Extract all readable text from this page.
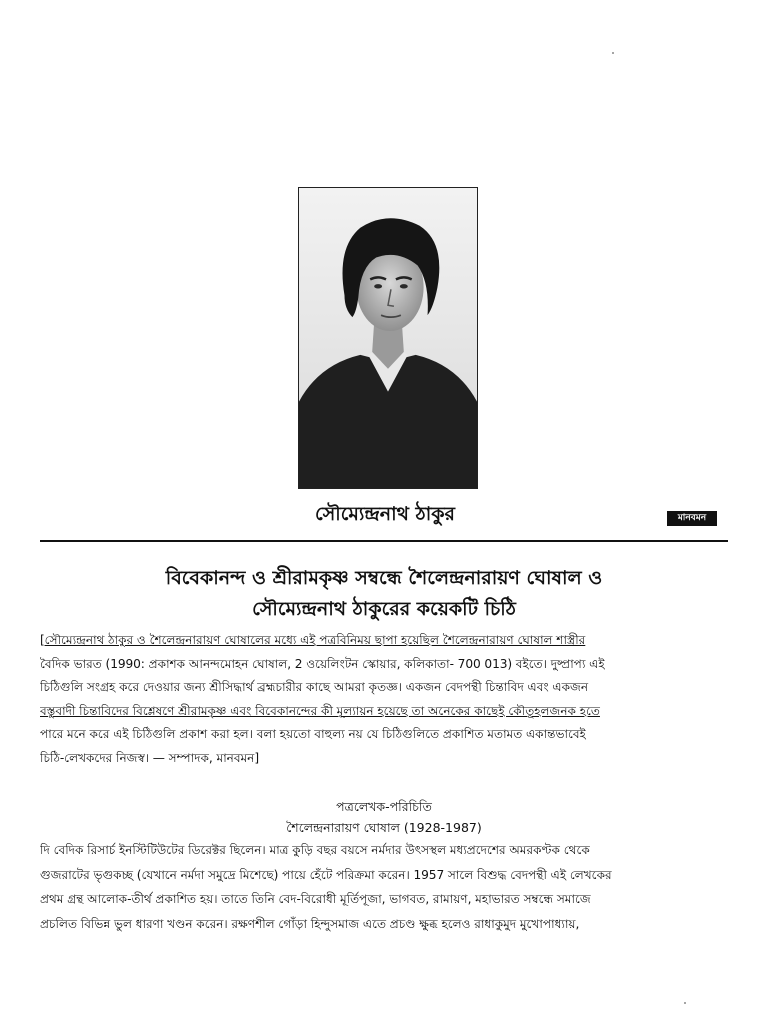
সৌম্যেন্দ্রনাথ ঠাকুর	মানবমন
বিবেকানন্দ ও শ্রীরামকৃষ্ণ সম্বন্ধে শৈলেন্দ্রনারায়ণ ঘোষাল ও
সৌম্যেন্দ্রনাথ ঠাকুরের কয়েকটি চিঠি
[সৌম্যেন্দ্রনাথ ঠাকুর ও শৈলেন্দ্রনারায়ণ ঘোষালের মধ্যে এই পত্রবিনিময় ছাপা হয়েছিল শৈলেন্দ্রনারায়ণ ঘোষাল শাস্ত্রীর
বৈদিক ভারত (1990: প্রকাশক আনন্দমোহন ঘোষাল, 2 ওয়েলিংটন স্কোয়ার, কলিকাতা- 700 013) বইতে। দুষ্প্রাপ্য এই
চিঠিগুলি সংগ্রহ করে দেওয়ার জন্য শ্রীসিদ্ধার্থ ব্রহ্মচারীর কাছে আমরা কৃতজ্ঞ। একজন বেদপন্থী চিন্তাবিদ এবং একজন
বস্তুবাদী চিন্তাবিদের বিশ্লেষণে শ্রীরামকৃষ্ণ এবং বিবেকানন্দের কী মূল্যায়ন হয়েছে তা অনেকের কাছেই কৌতূহলজনক হতে
পারে মনে করে এই চিঠিগুলি প্রকাশ করা হল। বলা হয়তো বাহুল্য নয় যে চিঠিগুলিতে প্রকাশিত মতামত একান্তভাবেই
চিঠি-লেখকদের নিজস্ব। — সম্পাদক, মানবমন]
পত্রলেখক-পরিচিতি
শৈলেন্দ্রনারায়ণ ঘোষাল (1928-1987)
দি বেদিক রিসার্চ ইনস্টিটিউটের ডিরেক্টর ছিলেন। মাত্র কুড়ি বছর বয়সে নর্মদার উৎসস্থল মধ্যপ্রদেশের অমরকণ্টক থেকে
গুজরাটের ভৃগুকচ্ছ (যেখানে নর্মদা সমুদ্রে মিশেছে) পায়ে হেঁটে পরিক্রমা করেন। 1957 সালে বিশুদ্ধ বেদপন্থী এই লেখকের
প্রথম গ্রন্থ আলোক-তীর্থ প্রকাশিত হয়। তাতে তিনি বেদ-বিরোধী মূর্তিপূজা, ভাগবত, রামায়ণ, মহাভারত সম্বন্ধে সমাজে
প্রচলিত বিভিন্ন ভুল ধারণা খণ্ডন করেন। রক্ষণশীল গোঁড়া হিন্দুসমাজ এতে প্রচণ্ড ক্ষুব্ধ হলেও রাধাকুমুদ মুখোপাধ্যায়,
